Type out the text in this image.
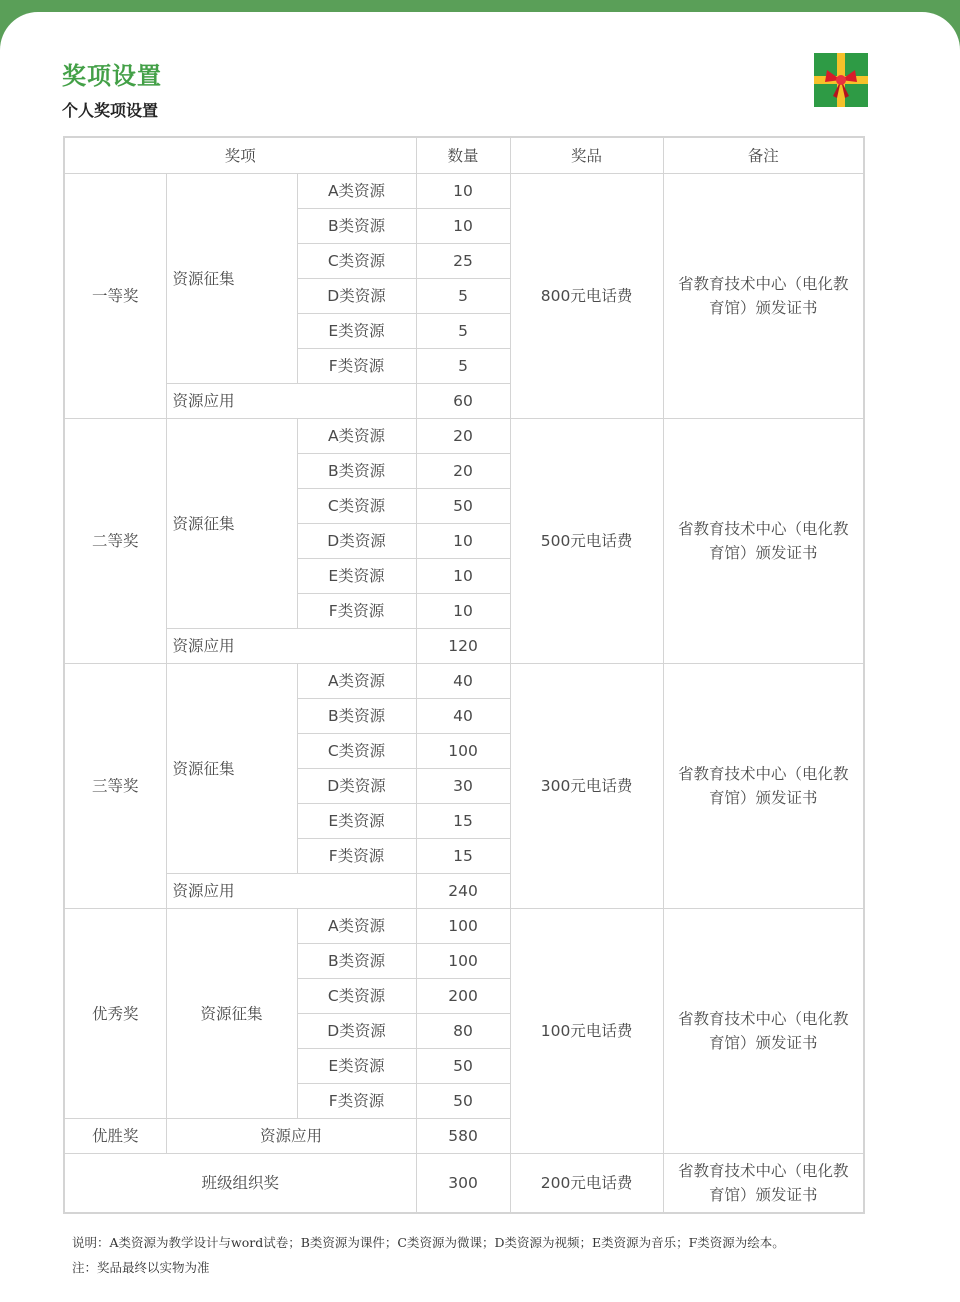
奖项设置
个人奖项设置
奖项			数量	奖品	备注
一等奖	资源征集	A类资源	10	800元电话费	省教育技术中心（电化教育馆）颁发证书
		B类资源	10		
		C类资源	25		
		D类资源	5		
		E类资源	5		
		F类资源	5		
	资源应用		60		
二等奖	资源征集	A类资源	20	500元电话费	省教育技术中心（电化教育馆）颁发证书
		B类资源	20		
		C类资源	50		
		D类资源	10		
		E类资源	10		
		F类资源	10		
	资源应用		120		
三等奖	资源征集	A类资源	40	300元电话费	省教育技术中心（电化教育馆）颁发证书
		B类资源	40		
		C类资源	100		
		D类资源	30		
		E类资源	15		
		F类资源	15		
	资源应用		240		
优秀奖	资源征集	A类资源	100	100元电话费	省教育技术中心（电化教育馆）颁发证书
		B类资源	100		
		C类资源	200		
		D类资源	80		
		E类资源	50		
		F类资源	50		
优胜奖	资源应用		580		
班级组织奖			300	200元电话费	省教育技术中心（电化教育馆）颁发证书
说明：A类资源为教学设计与word试卷；B类资源为课件；C类资源为微课；D类资源为视频；E类资源为音乐；F类资源为绘本。
注：奖品最终以实物为准
